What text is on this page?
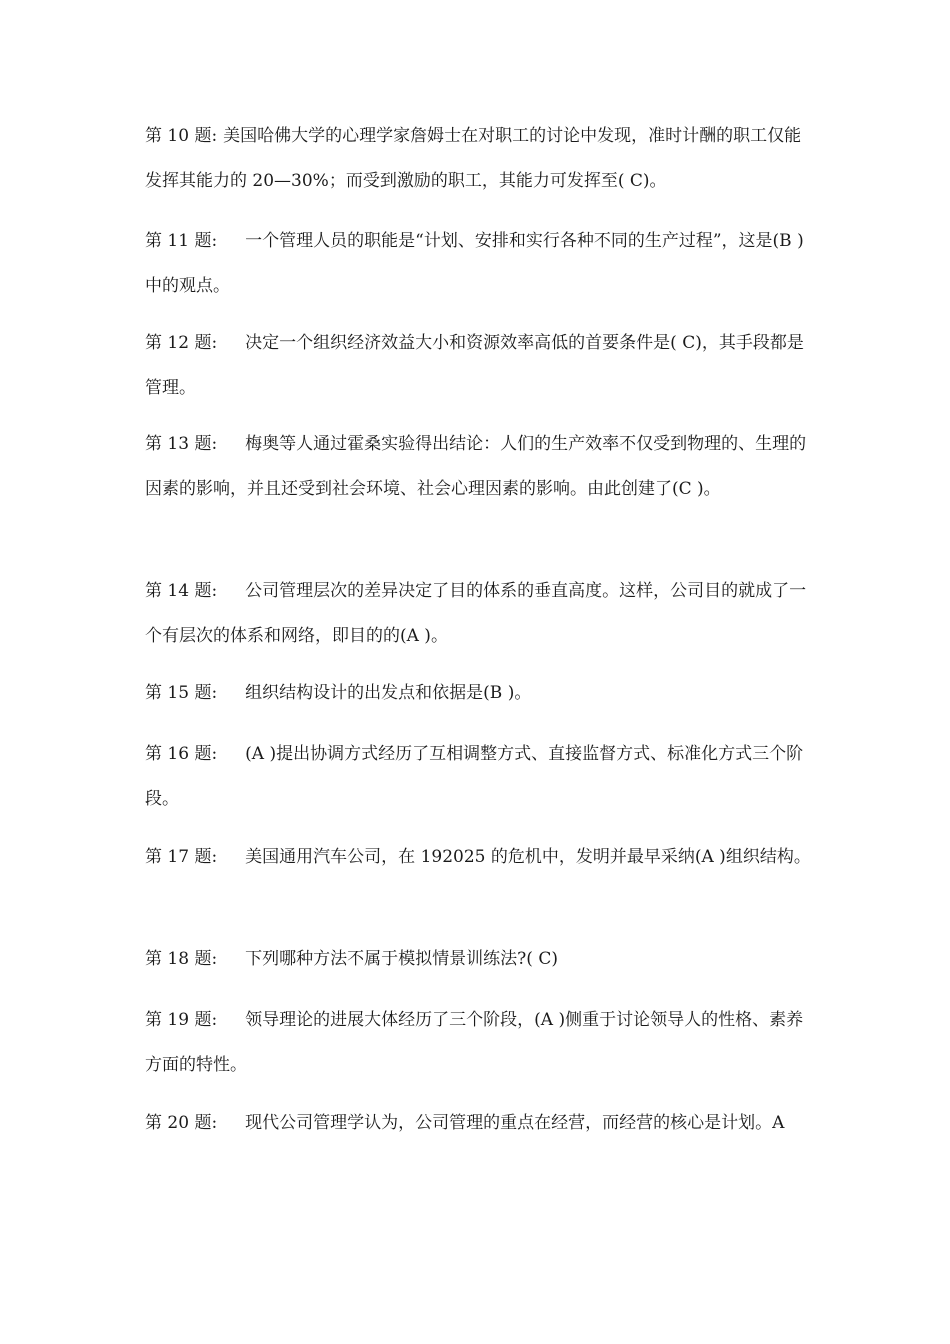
第 10 题: 美国哈佛大学的心理学家詹姆士在对职工的讨论中发现，准时计酬的职工仅能发挥其能力的 20—30%；而受到激励的职工，其能力可发挥至( C)。
第 11 题: 一个管理人员的职能是“计划、安排和实行各种不同的生产过程”，这是(B )中的观点。
第 12 题: 决定一个组织经济效益大小和资源效率高低的首要条件是( C)，其手段都是管理。
第 13 题: 梅奥等人通过霍桑实验得出结论：人们的生产效率不仅受到物理的、生理的因素的影响，并且还受到社会环境、社会心理因素的影响。由此创建了(C )。
第 14 题: 公司管理层次的差异决定了目的体系的垂直高度。这样，公司目的就成了一个有层次的体系和网络，即目的的(A )。
第 15 题: 组织结构设计的出发点和依据是(B )。
第 16 题: (A )提出协调方式经历了互相调整方式、直接监督方式、标准化方式三个阶段。
第 17 题: 美国通用汽车公司，在 192025 的危机中，发明并最早采纳(A )组织结构。
第 18 题: 下列哪种方法不属于模拟情景训练法?( C)
第 19 题: 领导理论的进展大体经历了三个阶段，(A )侧重于讨论领导人的性格、素养方面的特性。
第 20 题: 现代公司管理学认为，公司管理的重点在经营，而经营的核心是计划。A
